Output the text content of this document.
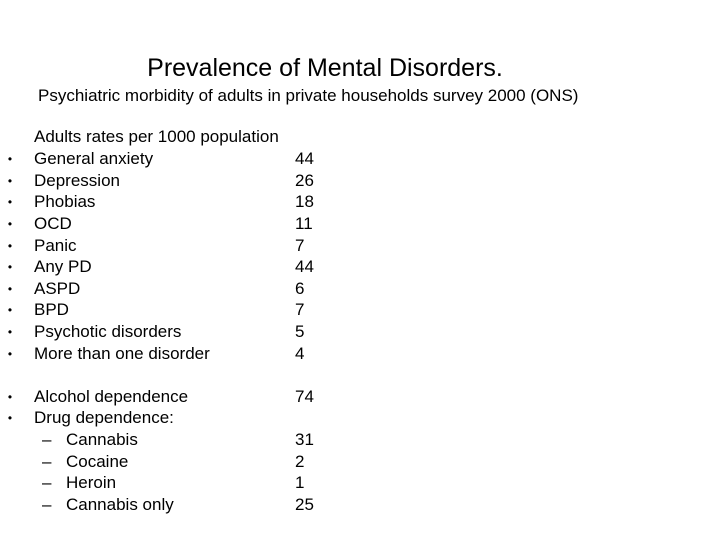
Prevalence of Mental Disorders.
Psychiatric morbidity of adults in private households survey 2000 (ONS)
Adults rates per 1000 population
• General anxiety	44
• Depression	26
• Phobias	18
• OCD	11
• Panic	7
• Any PD	44
• ASPD	6
• BPD	7
• Psychotic disorders	5
• More than one disorder	4
• Alcohol dependence	74
• Drug dependence:
– Cannabis	31
– Cocaine	2
– Heroin	1
– Cannabis only	25
